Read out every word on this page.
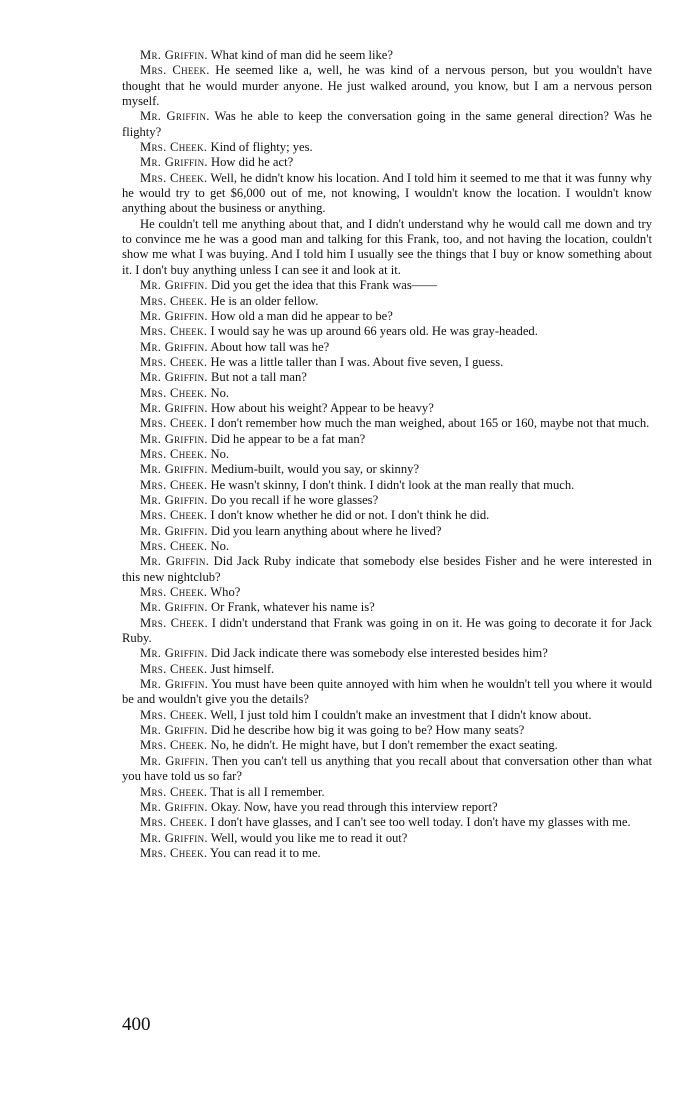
Mr. Griffin. What kind of man did he seem like?

Mrs. Cheek. He seemed like a, well, he was kind of a nervous person, but you wouldn't have thought that he would murder anyone. He just walked around, you know, but I am a nervous person myself.

Mr. Griffin. Was he able to keep the conversation going in the same general direction? Was he flighty?

Mrs. Cheek. Kind of flighty; yes.

Mr. Griffin. How did he act?

Mrs. Cheek. Well, he didn't know his location. And I told him it seemed to me that it was funny why he would try to get $6,000 out of me, not knowing, I wouldn't know the location. I wouldn't know anything about the business or anything.

He couldn't tell me anything about that, and I didn't understand why he would call me down and try to convince me he was a good man and talking for this Frank, too, and not having the location, couldn't show me what I was buying. And I told him I usually see the things that I buy or know something about it. I don't buy anything unless I can see it and look at it.

Mr. Griffin. Did you get the idea that this Frank was——

Mrs. Cheek. He is an older fellow.

Mr. Griffin. How old a man did he appear to be?

Mrs. Cheek. I would say he was up around 66 years old. He was gray-headed.

Mr. Griffin. About how tall was he?

Mrs. Cheek. He was a little taller than I was. About five seven, I guess.

Mr. Griffin. But not a tall man?

Mrs. Cheek. No.

Mr. Griffin. How about his weight? Appear to be heavy?

Mrs. Cheek. I don't remember how much the man weighed, about 165 or 160, maybe not that much.

Mr. Griffin. Did he appear to be a fat man?

Mrs. Cheek. No.

Mr. Griffin. Medium-built, would you say, or skinny?

Mrs. Cheek. He wasn't skinny, I don't think. I didn't look at the man really that much.

Mr. Griffin. Do you recall if he wore glasses?

Mrs. Cheek. I don't know whether he did or not. I don't think he did.

Mr. Griffin. Did you learn anything about where he lived?

Mrs. Cheek. No.

Mr. Griffin. Did Jack Ruby indicate that somebody else besides Fisher and he were interested in this new nightclub?

Mrs. Cheek. Who?

Mr. Griffin. Or Frank, whatever his name is?

Mrs. Cheek. I didn't understand that Frank was going in on it. He was going to decorate it for Jack Ruby.

Mr. Griffin. Did Jack indicate there was somebody else interested besides him?

Mrs. Cheek. Just himself.

Mr. Griffin. You must have been quite annoyed with him when he wouldn't tell you where it would be and wouldn't give you the details?

Mrs. Cheek. Well, I just told him I couldn't make an investment that I didn't know about.

Mr. Griffin. Did he describe how big it was going to be? How many seats?

Mrs. Cheek. No, he didn't. He might have, but I don't remember the exact seating.

Mr. Griffin. Then you can't tell us anything that you recall about that conversation other than what you have told us so far?

Mrs. Cheek. That is all I remember.

Mr. Griffin. Okay. Now, have you read through this interview report?

Mrs. Cheek. I don't have glasses, and I can't see too well today. I don't have my glasses with me.

Mr. Griffin. Well, would you like me to read it out?

Mrs. Cheek. You can read it to me.

400
